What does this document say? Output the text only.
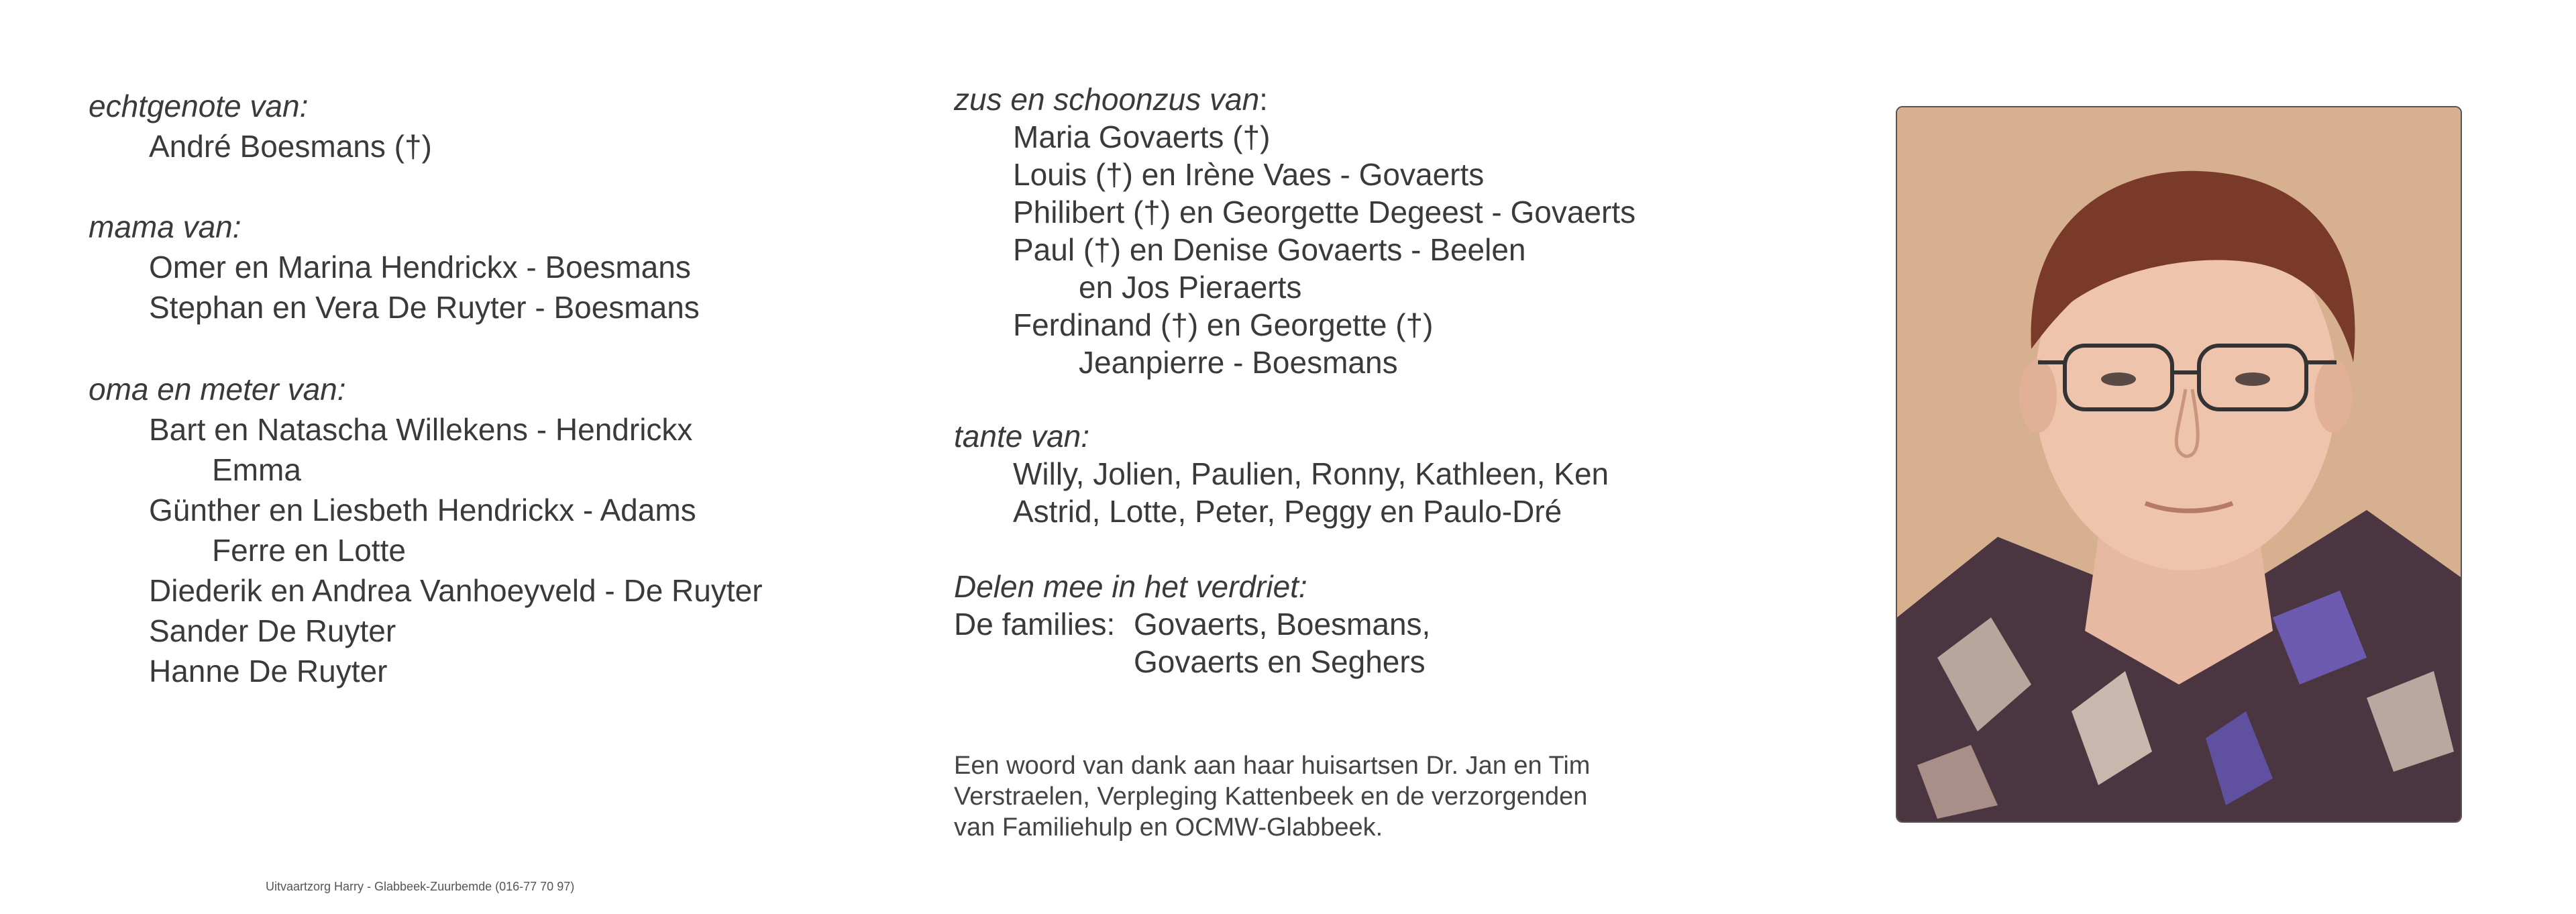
echtgenote van:
André Boesmans (†)
mama van:
Omer en Marina Hendrickx - Boesmans
Stephan en Vera De Ruyter - Boesmans
oma en meter van:
Bart en Natascha Willekens - Hendrickx
Emma
Günther en Liesbeth Hendrickx - Adams
Ferre en Lotte
Diederik en Andrea Vanhoeyveld - De Ruyter
Sander De Ruyter
Hanne De Ruyter
zus en schoonzus van:
Maria Govaerts (†)
Louis (†) en Irène Vaes - Govaerts
Philibert (†) en Georgette Degeest - Govaerts
Paul (†) en Denise Govaerts - Beelen
en Jos Pieraerts
Ferdinand (†) en Georgette (†)
Jeanpierre - Boesmans
tante van:
Willy, Jolien, Paulien, Ronny, Kathleen, Ken
Astrid, Lotte, Peter, Peggy en Paulo-Dré
Delen mee in het verdriet:
De families: Govaerts, Boesmans,
Govaerts en Seghers
Een woord van dank aan haar huisartsen Dr. Jan en Tim
Verstraelen, Verpleging Kattenbeek en de verzorgenden
van Familiehulp en OCMW-Glabbeek.
Uitvaartzorg Harry - Glabbeek-Zuurbemde (016-77 70 97)
